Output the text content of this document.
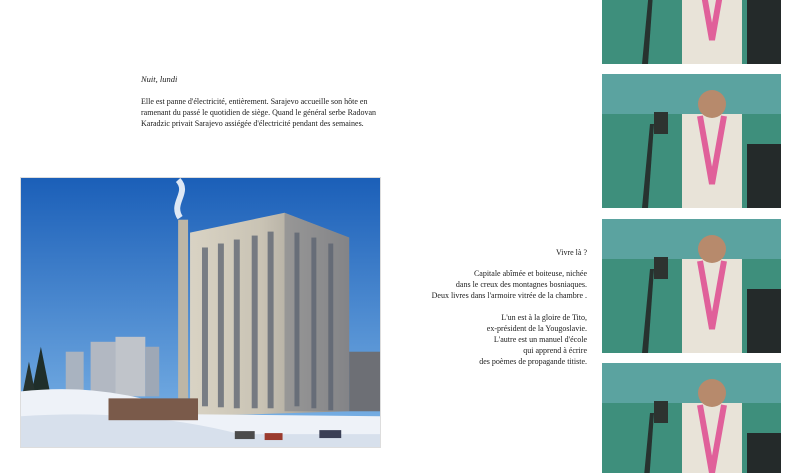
Nuit, lundi

Elle est panne d'électricité, entièrement. Sarajevo accueille son hôte en ramenant du passé le quotidien de siège. Quand le général serbe Radovan Karadzic privait Sarajevo assiégée d'électricité pendant des semaines.

Vivre là ?

Capitale abîmée et boiteuse, nichée
dans le creux des montagnes bosniaques.
Deux livres dans l'armoire vitrée de la chambre .

L'un est à la gloire de Tito,
ex-président de la Yougoslavie.
L'autre est un manuel d'école
qui apprend à écrire
des poèmes de propagande titiste.
